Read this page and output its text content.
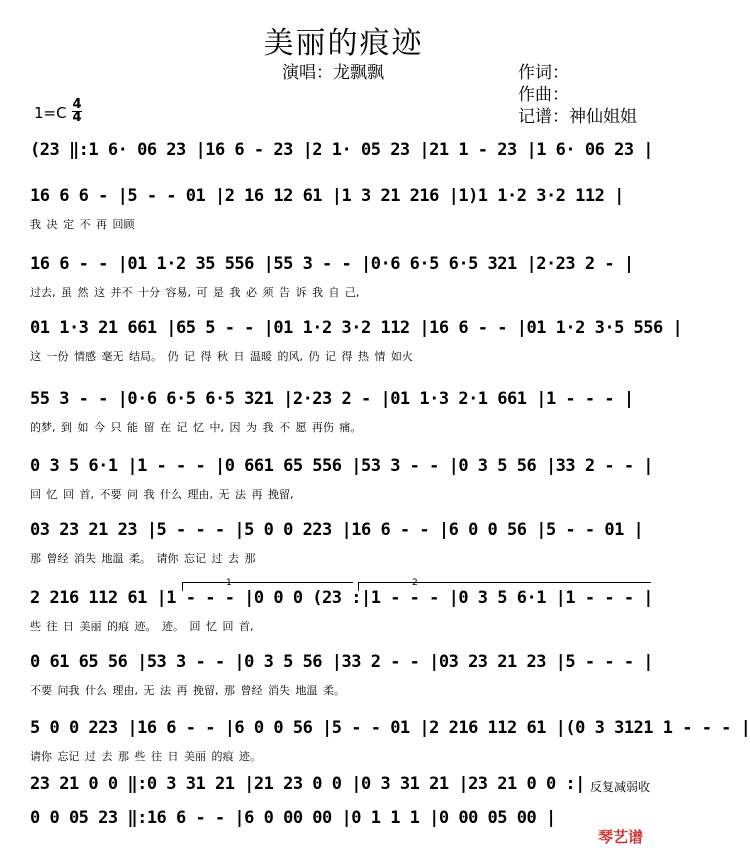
美丽的痕迹
演唱：龙飘飘	作词：
作曲：
记谱：神仙姐姐
1=C 4
4
(23 ‖:1 6· 06 23 |16 6 - 23 |2 1· 05 23 |21 1 - 23 |1 6· 06 23 |
16 6 6 - |5 - - 01 |2 16 12 61 |1 3 21 216 |1)1 1·2 3·2 112 |
我 决 定 不 再 回顾
16 6 - - |01 1·2 35 556 |55 3 - - |0·6 6·5 6·5 321 |2·23 2 - |
过去, 虽 然 这 并不 十分 容易, 可 是 我 必 须 告 诉 我 自 己,
01 1·3 21 661 |65 5 - - |01 1·2 3·2 112 |16 6 - - |01 1·2 3·5 556 |
这 一份 情感 毫无 结局。 仍 记 得 秋 日 温暖 的风, 仍 记 得 热 情 如火
55 3 - - |0·6 6·5 6·5 321 |2·23 2 - |01 1·3 2·1 661 |1 - - - |
的梦, 到 如 今 只 能 留 在 记 忆 中, 因 为 我 不 愿 再伤 痛。
0 3 5 6·1 |1 - - - |0 661 65 556 |53 3 - - |0 3 5 56 |33 2 - - |
回 忆 回 首, 不要 问 我 什么 理由, 无 法 再 挽留,
03 23 21 23 |5 - - - |5 0 0 223 |16 6 - - |6 0 0 56 |5 - - 01 |
那 曾经 消失 地温 柔。 请你 忘记 过 去 那
2 216 112 61 |1 - - - |0 0 0 (23 :|1 - - - |0 3 5 6·1 |1 - - - |
些 往 日 美丽 的痕 迹。 迹。 回 忆 回 首,
0 61 65 56 |53 3 - - |0 3 5 56 |33 2 - - |03 23 21 23 |5 - - - |
不要 问我 什么 理由, 无 法 再 挽留, 那 曾经 消失 地温 柔。
5 0 0 223 |16 6 - - |6 0 0 56 |5 - - 01 |2 216 112 61 |(0 3 3121 1 - - - |
请你 忘记 过 去 那 些 往 日 美丽 的痕 迹。
23 21 0 0 ‖:0 3 31 21 |21 23 0 0 |0 3 31 21 |23 21 0 0 :|
0 0 05 23 ‖:16 6 - - |6 0 00 00 |0 1 1 1 |0 00 05 00 |
1	2
反复减弱收
琴艺谱
